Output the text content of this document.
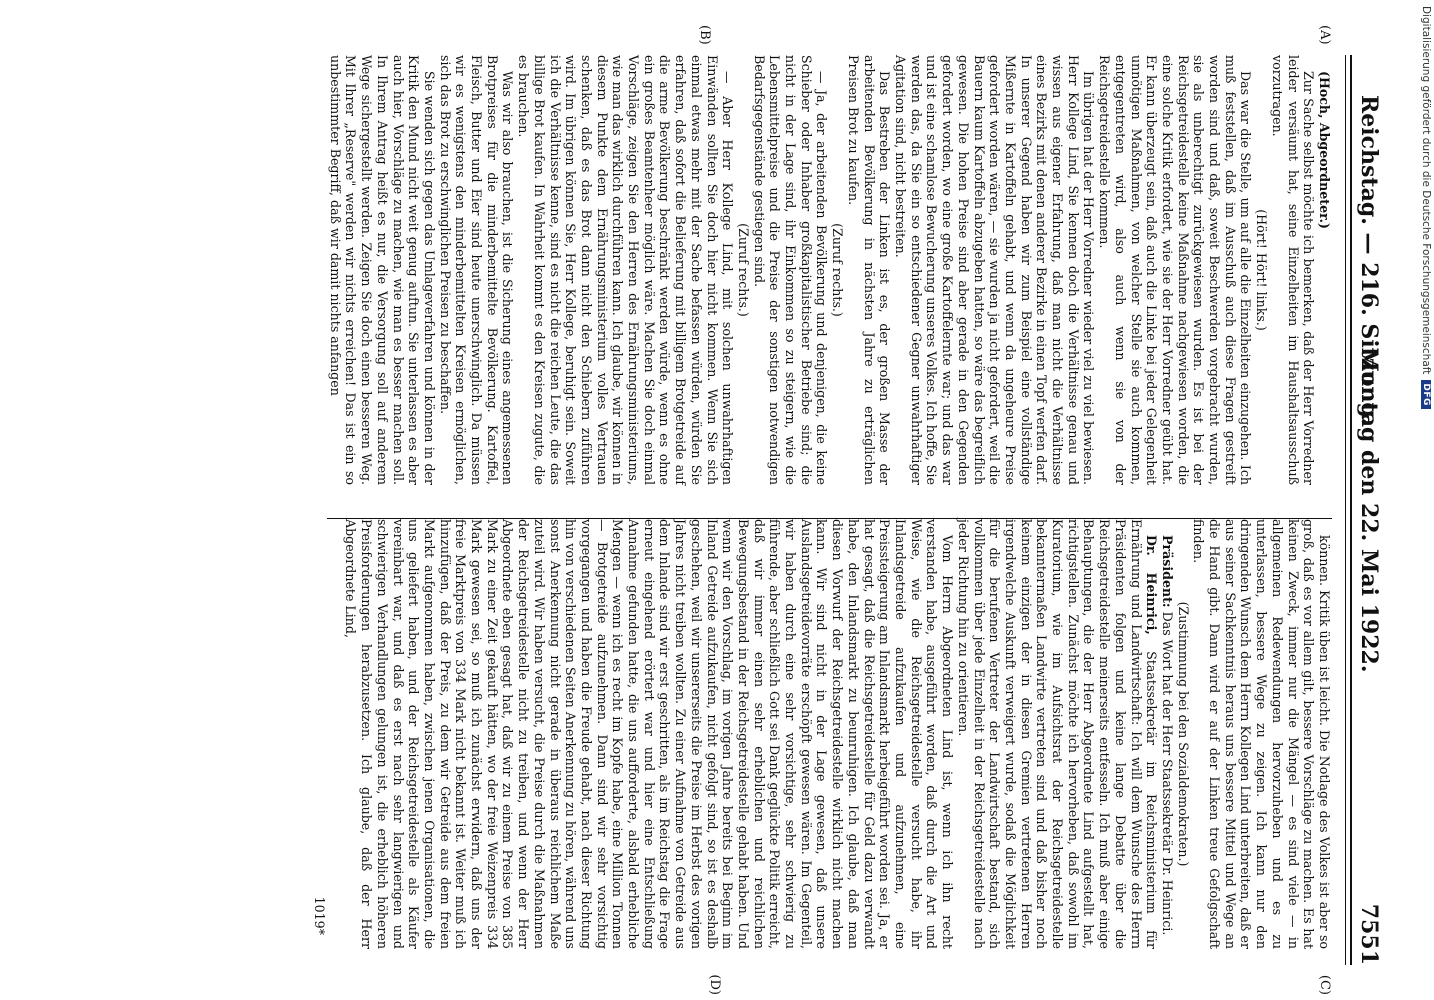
Reichstag. — 216. Sitzung.
Montag den 22. Mai 1922.
7551
(A)
(B)
(C)
(D)

(Hoch, Abgeordneter.)

Zur Sache selbst möchte ich bemerken, daß der Herr Vorredner leider versäumt hat, seine Einzelheiten im Haushaltsausschuß vorzutragen.

(Hört! Hört! links.)

Das war die Stelle, um auf alle die Einzelheiten einzugehen. Ich muß feststellen, daß im Ausschuß auch diese Fragen gestreift worden sind und daß, soweit Beschwerden vorgebracht wurden, sie als unberechtigt zurückgewiesen wurden. Es ist bei der Reichsgetreidestelle keine Maßnahme nachgewiesen worden, die eine solche Kritik erfordert, wie sie der Herr Vorredner geübt hat. Er kann überzeugt sein, daß auch die Linke bei jeder Gelegenheit unnötigen Maßnahmen, von welcher Stelle sie auch kommen, entgegentreten wird, also auch wenn sie von der Reichsgetreidestelle kommen.

Im übrigen hat der Herr Vorredner wieder viel zu viel bewiesen. Herr Kollege Lind, Sie kennen doch die Verhältnisse genau und wissen aus eigener Erfahrung, daß man nicht die Verhältnisse eines Bezirks mit denen anderer Bezirke in einen Topf werfen darf. In unserer Gegend haben wir zum Beispiel eine vollständige Mißernte in Kartoffeln gehabt, und wenn da ungeheure Preise gefordert worden wären, — sie wurden ja nicht gefordert, weil die Bauern kaum Kartoffeln abzugeben hatten, so wäre das begreiflich gewesen. Die hohen Preise sind aber gerade in den Gegenden gefordert worden, wo eine große Kartoffelernte war; und das war und ist eine schamlose Bewucherung unseres Volkes. Ich hoffe, Sie werden das, da Sie ein so entschiedener Gegner unwahrhaftiger Agitation sind, nicht bestreiten.

Das Bestreben der Linken ist es, der großen Masse der arbeitenden Bevölkerung in nächsten Jahre zu erträglichen Preisen Brot zu kaufen.

(Zuruf rechts.)

— Ja, der arbeitenden Bevölkerung und denjenigen, die keine Schieber oder Inhaber großkapitalistischer Betriebe sind; die nicht in der Lage sind, ihr Einkommen so zu steigern, wie die Lebensmittelpreise und die Preise der sonstigen notwendigen Bedarfsgegenstände gestiegen sind.

(Zuruf rechts.)

— Aber Herr Kollege Lind, mit solchen unwahrhaftigen Einwänden sollten Sie doch hier nicht kommen. Wenn Sie sich einmal etwas mehr mit der Sache befassen würden, würden Sie erfahren, daß sofort die Belieferung mit billigem Brotgetreide auf die arme Bevölkerung beschränkt werden würde, wenn es ohne ein großes Beamtenheer möglich wäre. Machen Sie doch einmal Vorschläge, zeigen Sie den Herren des Ernährungsministeriums, wie man das wirklich durchführen kann. Ich glaube, wir können in diesem Punkte dem Ernährungsministerium volles Vertrauen schenken, daß es das Brot dann nicht den Schiebern zuführen wird. Im übrigen können Sie, Herr Kollege, beruhigt sein. Soweit ich die Verhältnisse kenne, sind es nicht die reichen Leute, die das billige Brot kaufen. In Wahrheit kommt es den Kreisen zugute, die es brauchen.

Was wir also brauchen, ist die Sicherung eines angemessenen Brotpreises für die minderbemittelte Bevölkerung. Kartoffel, Fleisch, Butter und Eier sind heute unerschwinglich. Da müssen wir es wenigstens den minderbemittelten Kreisen ermöglichen, sich das Brot zu erschwinglichen Preisen zu beschaffen.

Sie wenden sich gegen das Umlageverfahren und können in der Kritik den Mund nicht weit genug auftun. Sie unterlassen es aber auch hier, Vorschläge zu machen, wie man es besser machen soll. In Ihrem Antrag heißt es nur, die Versorgung soll auf anderem Wege sichergestellt werden. Zeigen Sie doch einen besseren Weg. Mit Ihrer „Reserve" werden wir nichts erreichen! Das ist ein so unbestimmter Begriff, daß wir damit nichts anfangen

können. Kritik üben ist leicht. Die Notlage des Volkes ist aber so groß, daß es vor allem gilt, bessere Vorschläge zu machen. Es hat keinen Zweck, immer nur die Mängel — es sind viele — in allgemeinen Redewendungen hervorzuheben und es zu unterlassen, bessere Wege zu zeigen. Ich kann nur den dringenden Wunsch dem Herrn Kollegen Lind unterbreiten, daß er aus seiner Sachkenntnis heraus uns bessere Mittel und Wege an die Hand gibt. Dann wird er auf der Linken treue Gefolgschaft finden.

(Zustimmung bei den Sozialdemokraten.)

Präsident: Das Wort hat der Herr Staatssekretär Dr. Heinrici.

Dr. Heinrici, Staatssekretär im Reichsministerium für Ernährung und Landwirtschaft: Ich will dem Wunsche des Herrn Präsidenten folgen und keine lange Debatte über die Reichsgetreidestelle meinerseits entfesseln. Ich muß aber einige Behauptungen, die der Herr Abgeordnete Lind aufgestellt hat, richtigstellen. Zunächst möchte ich hervorheben, daß sowohl im Kuratorium, wie im Aufsichtsrat der Reichsgetreidestelle bekanntermaßen Landwirte vertreten sind und daß bisher noch keinem einzigen der in diesen Gremien vertretenen Herren irgendwelche Auskunft verweigert wurde, sodaß die Möglichkeit für die berufenen Vertreter der Landwirtschaft bestand, sich vollkommen über jede Einzelheit in der Reichsgetreidestelle nach jeder Richtung hin zu orientieren.

Vom Herrn Abgeordneten Lind ist, wenn ich ihn recht verstanden habe, ausgeführt worden, daß durch die Art und Weise, wie die Reichsgetreidestelle versucht habe, ihr Inlandsgetreide aufzukaufen und aufzunehmen, eine Preissteigerung am Inlandsmarkt herbeigeführt worden sei. Ja, er hat gesagt, daß die Reichsgetreidestelle für Geld dazu verwandt habe, den Inlandsmarkt zu beunruhigen. Ich glaube, daß man diesen Vorwurf der Reichsgetreidestelle wirklich nicht machen kann. Wir sind nicht in der Lage gewesen, daß unsere Auslandsgetreidevorräte erschöpft gewesen wären. Im Gegenteil, wir haben durch eine sehr vorsichtige, sehr schwierig zu führende, aber schließlich Gott sei Dank geglückte Politik erreicht, daß wir immer einen sehr erheblichen und reichlichen Bewegungsbestand in der Reichsgetreidestelle gehabt haben. Und wenn wir den Vorschlag, im vorigen Jahre bereits bei Beginn im Inland Getreide aufzukaufen, nicht gefolgt sind, so ist es deshalb geschehen, weil wir unsererseits die Preise im Herbst des vorigen Jahres nicht treiben wollten. Zu einer Aufnahme von Getreide aus dem Inlande sind wir erst geschritten, als im Reichstag die Frage erneut eingehend erörtert war und hier eine Entschließung Annahme gefunden hatte, die uns aufforderte, alsbald erhebliche Mengen — wenn ich es recht im Kopfe habe, eine Million Tonnen — Brotgetreide aufzunehmen. Dann sind wir sehr vorsichtig vorgegangen und haben die Freude gehabt, nach dieser Richtung hin von verschiedenen Seiten Anerkennung zu hören, während uns sonst Anerkennung nicht gerade in überaus reichlichem Maße zuteil wird. Wir haben versucht, die Preise durch die Maßnahmen der Reichsgetreidestelle nicht zu treiben, und wenn der Herr Abgeordnete eben gesagt hat, daß wir zu einem Preise von 385 Mark zu einer Zeit gekauft hätten, wo der freie Weizenpreis 334 Mark gewesen sei, so muß ich zunächst erwidern, daß uns der freie Marktpreis von 334 Mark nicht bekannt ist. Weiter muß ich hinzufügen, daß der Preis, zu dem wir Getreide aus dem freien Markt aufgenommen haben, zwischen jenen Organisationen, die uns geliefert haben, und der Reichsgetreidestelle als Käufer vereinbart war, und daß es erst nach sehr langwierigen und schwierigen Verhandlungen gelungen ist, die erheblich höheren Preisforderungen herabzusetzen. Ich glaube, daß der Herr Abgeordnete Lind,

1019*
Digitalisierung gefördert durch die Deutsche Forschungsgemeinschaft
DFG
